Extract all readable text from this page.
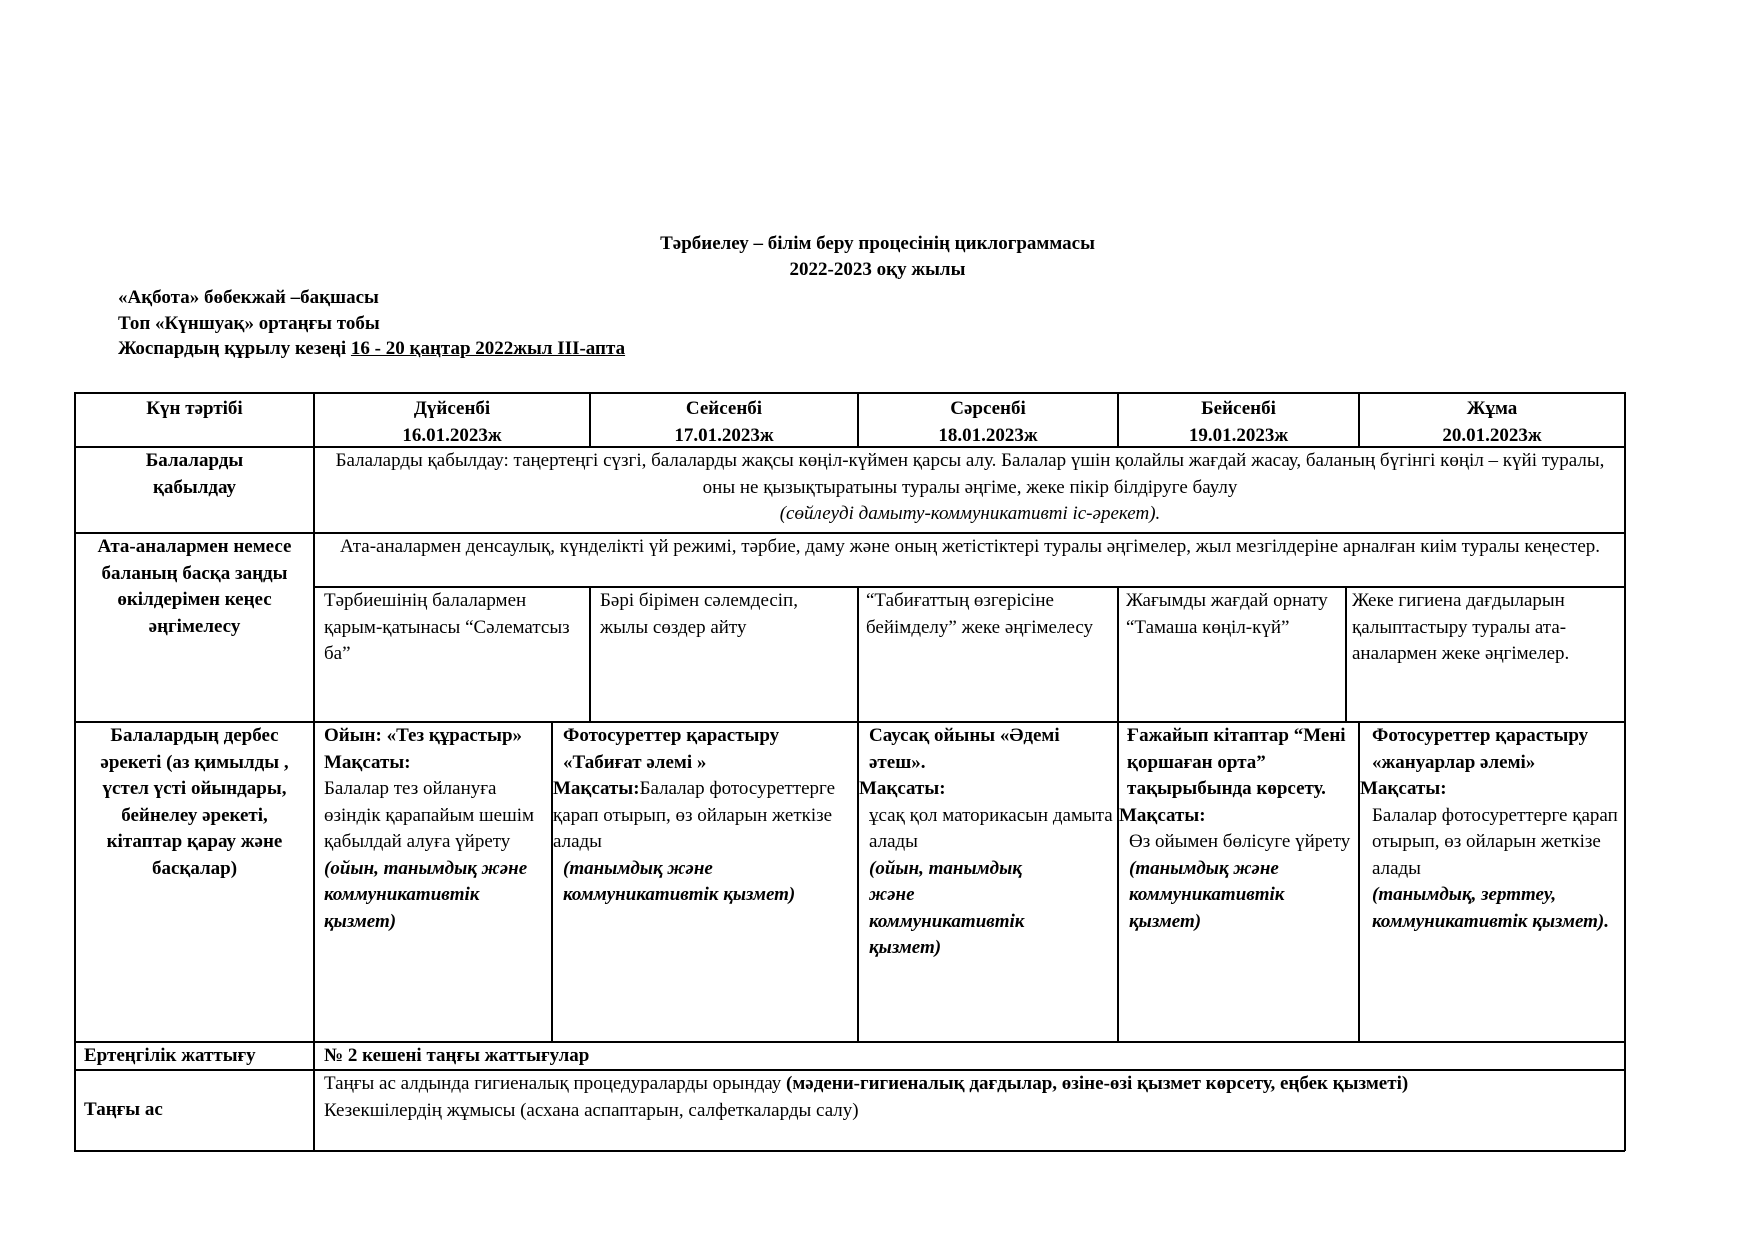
Тәрбиелеу – білім беру процесінің циклограммасы
2022-2023 оқу жылы
«Ақбота» бөбекжай –бақшасы
Топ «Күншуақ» ортаңғы тобы
Жоспардың құрылу кезеңі 16 - 20 қаңтар 2022жыл ІІІ-апта
Күн тәртібі	Дүйсенбі
16.01.2023ж
Сейсенбі
17.01.2023ж
Сәрсенбі
18.01.2023ж
Бейсенбі
19.01.2023ж
Жұма
20.01.2023ж
Балаларды қабылдау
Балаларды қабылдау: таңертеңгі сүзгі, балаларды жақсы көңіл-күймен қарсы алу. Балалар үшін қолайлы жағдай жасау, баланың бүгінгі көңіл – күйі туралы, оны не қызықтыратыны туралы әңгіме, жеке пікір білдіруге баулу
(сөйлеуді дамыту-коммуникативті іс-әрекет).
Ата-аналармен немесе баланың басқа заңды өкілдерімен кеңес әңгімелесу
Ата-аналармен денсаулық, күнделікті үй режимі, тәрбие, даму және оның жетістіктері туралы әңгімелер, жыл мезгілдеріне арналған киім туралы кеңестер.
Тәрбиешінің балалармен қарым-қатынасы “Сәлематсыз ба”
Бәрі бірімен сәлемдесіп, жылы сөздер айту
“Табиғаттың өзгерісіне бейімделу” жеке әңгімелесу
Жағымды жағдай орнату “Тамаша көңіл-күй”
Жеке гигиена дағдыларын қалыптастыру туралы ата-аналармен жеке әңгімелер.
Балалардың дербес әрекеті (аз қимылды , үстел үсті ойындары, бейнелеу әрекеті, кітаптар қарау және басқалар)
Ойын: «Тез құрастыр»
Мақсаты:
Балалар тез ойлануға өзіндік қарапайым шешім қабылдай алуға үйрету
(ойын, танымдық және коммуникативтік қызмет)
Фотосуреттер қарастыру «Табиғат әлемі »
Мақсаты:Балалар фотосуреттерге қарап отырып, өз ойларын жеткізе алады
(танымдық және коммуникативтік қызмет)
Саусақ ойыны «Әдемі әтеш».
Мақсаты:
ұсақ қол маторикасын дамыта алады
(ойын, танымдық және коммуникативтік қызмет)
Ғажайып кітаптар “Мені қоршаған орта” тақырыбында көрсету.
Мақсаты:
Өз ойымен бөлісуге үйрету
(танымдық және коммуникативтік қызмет)
Фотосуреттер қарастыру «жануарлар әлемі»
Мақсаты:
Балалар фотосуреттерге қарап отырып, өз ойларын жеткізе алады
(танымдық, зерттеу, коммуникативтік қызмет).
Ертеңгілік жаттығу	№ 2 кешені таңғы жаттығулар
Таңғы ас
Таңғы ас алдында гигиеналық процедураларды орындау (мәдени-гигиеналық дағдылар, өзіне-өзі қызмет көрсету, еңбек қызметі)
Кезекшілердің жұмысы (асхана аспаптарын, салфеткаларды салу)
